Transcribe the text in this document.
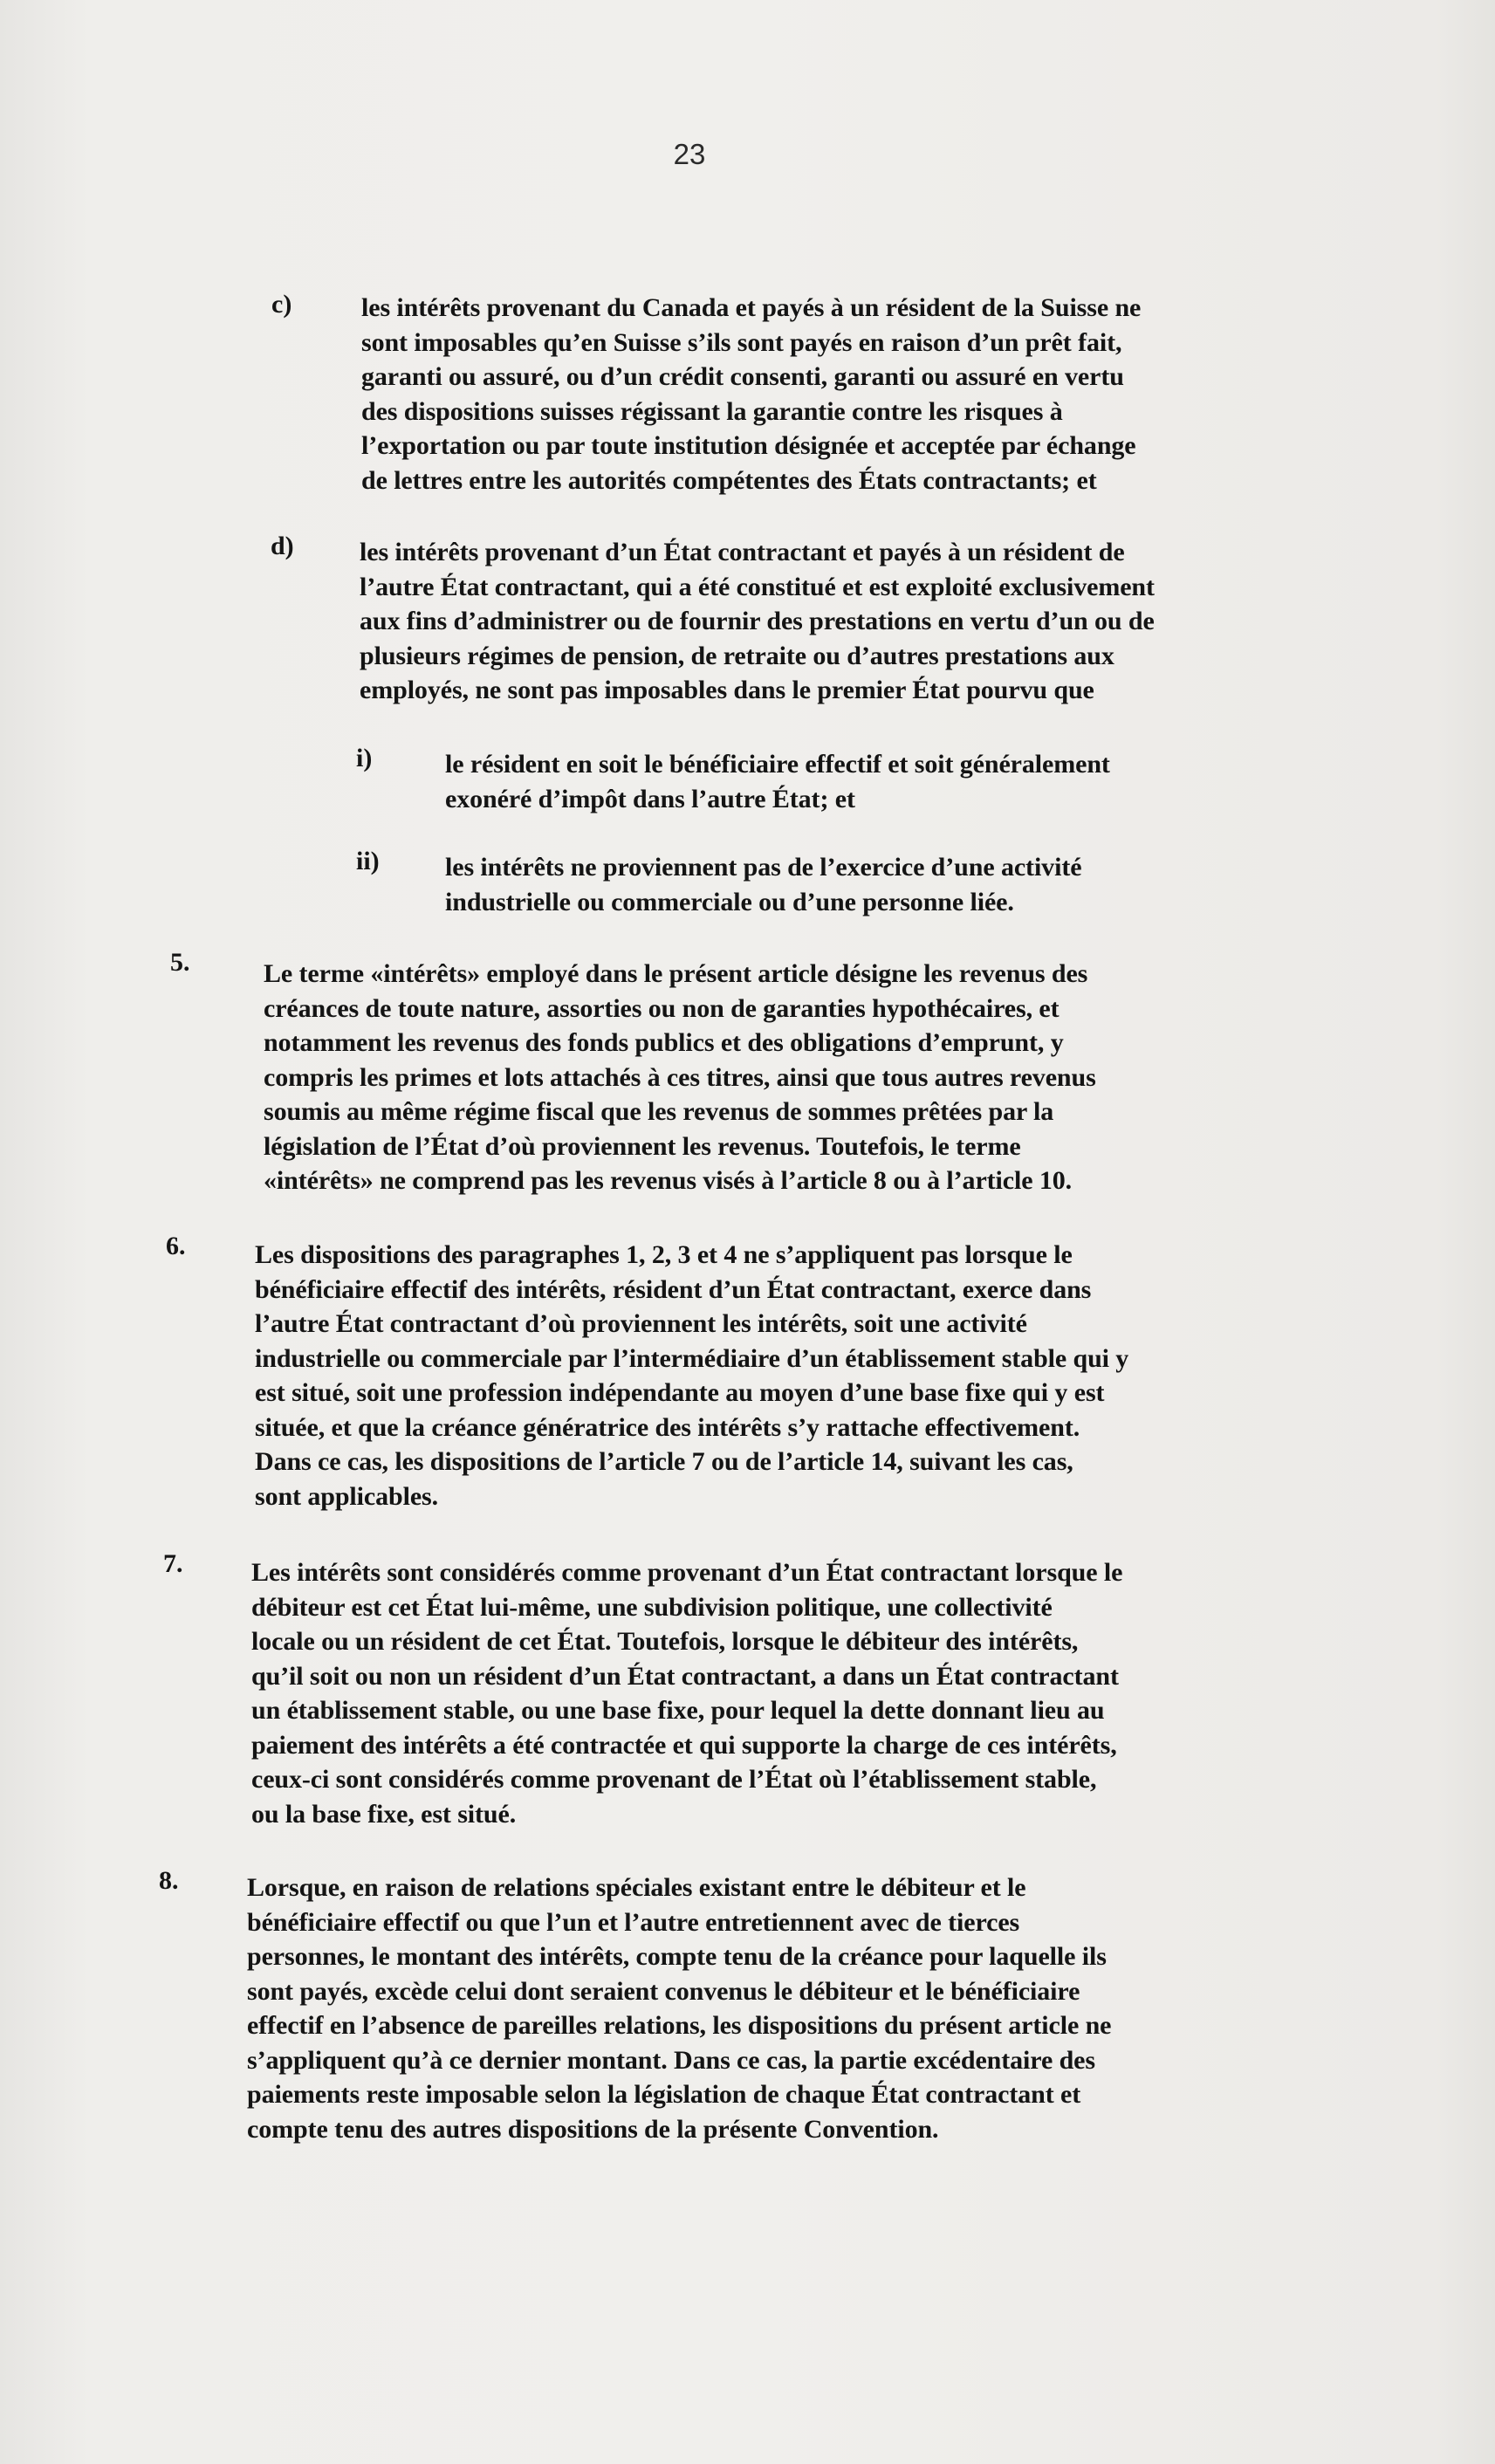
23
c)	les intérêts provenant du Canada et payés à un résident de la Suisse ne
sont imposables qu’en Suisse s’ils sont payés en raison d’un prêt fait,
garanti ou assuré, ou d’un crédit consenti, garanti ou assuré en vertu
des dispositions suisses régissant la garantie contre les risques à
l’exportation ou par toute institution désignée et acceptée par échange
de lettres entre les autorités compétentes des États contractants; et
d)	les intérêts provenant d’un État contractant et payés à un résident de
l’autre État contractant, qui a été constitué et est exploité exclusivement
aux fins d’administrer ou de fournir des prestations en vertu d’un ou de
plusieurs régimes de pension, de retraite ou d’autres prestations aux
employés, ne sont pas imposables dans le premier État pourvu que
i)	le résident en soit le bénéficiaire effectif et soit généralement
exonéré d’impôt dans l’autre État; et
ii)	les intérêts ne proviennent pas de l’exercice d’une activité
industrielle ou commerciale ou d’une personne liée.
5.	Le terme «intérêts» employé dans le présent article désigne les revenus des
créances de toute nature, assorties ou non de garanties hypothécaires, et
notamment les revenus des fonds publics et des obligations d’emprunt, y
compris les primes et lots attachés à ces titres, ainsi que tous autres revenus
soumis au même régime fiscal que les revenus de sommes prêtées par la
législation de l’État d’où proviennent les revenus. Toutefois, le terme
«intérêts» ne comprend pas les revenus visés à l’article 8 ou à l’article 10.
6.	Les dispositions des paragraphes 1, 2, 3 et 4 ne s’appliquent pas lorsque le
bénéficiaire effectif des intérêts, résident d’un État contractant, exerce dans
l’autre État contractant d’où proviennent les intérêts, soit une activité
industrielle ou commerciale par l’intermédiaire d’un établissement stable qui y
est situé, soit une profession indépendante au moyen d’une base fixe qui y est
située, et que la créance génératrice des intérêts s’y rattache effectivement.
Dans ce cas, les dispositions de l’article 7 ou de l’article 14, suivant les cas,
sont applicables.
7.	Les intérêts sont considérés comme provenant d’un État contractant lorsque le
débiteur est cet État lui-même, une subdivision politique, une collectivité
locale ou un résident de cet État. Toutefois, lorsque le débiteur des intérêts,
qu’il soit ou non un résident d’un État contractant, a dans un État contractant
un établissement stable, ou une base fixe, pour lequel la dette donnant lieu au
paiement des intérêts a été contractée et qui supporte la charge de ces intérêts,
ceux-ci sont considérés comme provenant de l’État où l’établissement stable,
ou la base fixe, est situé.
8.	Lorsque, en raison de relations spéciales existant entre le débiteur et le
bénéficiaire effectif ou que l’un et l’autre entretiennent avec de tierces
personnes, le montant des intérêts, compte tenu de la créance pour laquelle ils
sont payés, excède celui dont seraient convenus le débiteur et le bénéficiaire
effectif en l’absence de pareilles relations, les dispositions du présent article ne
s’appliquent qu’à ce dernier montant. Dans ce cas, la partie excédentaire des
paiements reste imposable selon la législation de chaque État contractant et
compte tenu des autres dispositions de la présente Convention.
